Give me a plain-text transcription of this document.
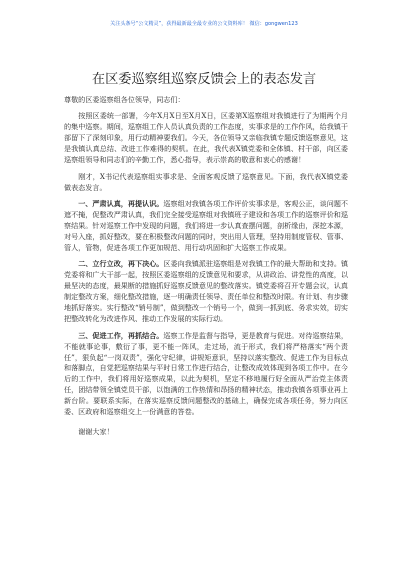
关注头条号“公文精灵”，获得最新最全最专业的公文资料库！ 微信：gongwen123
在区委巡察组巡察反馈会上的表态发言

尊敬的区委巡察组各位领导，同志们：

按照区委统一部署，今年X月X日至X月X日，区委第X巡察组对我镇进行了为期两个月的集中巡察。期间，巡察组工作人员认真负责的工作态度，实事求是的工作作风，给我镇干部留下了深刻印象，用行动精神要我们。今天，各位领导又亲临我镇专题反馈巡察意见，这是我镇认真总结、改进工作难得的契机。在此，我代表X镇党委和全体镇、村干部，向区委巡察组领导和同志们的辛勤工作，悉心指导，表示崇高的敬意和衷心的感谢！

刚才，X书记代表巡察组实事求是、全面客观反馈了巡察意见。下面，我代表X镇党委做表态发言。

一、严肃认真，再提认识。巡察组对我镇各项工作评价实事求是，客观公正，谈问题不遮不掩，促整改严肃认真，我们完全接受巡察组对我镇班子建设和各项工作的巡察评价和巡察结果。针对巡察工作中发现的问题，我们将进一步认真查摆问题，剖析缘由，深挖本源，对号入座，抓好整改，要在积极整改问题的同时，突出用人管理，坚持用制度管权、管事、管人，管物，促进各项工作更加规范、用行动巩固和扩大巡察工作成果。

二、立行立改，再下决心。区委向我镇派驻巡察组是对我镇工作的最大帮助和支持。镇党委将和广大干部一起，按照区委巡察组的反馈意见和要求，从讲政治、讲党性的高度，以最坚决的态度，最果断的措施抓好巡察反馈意见的整改落实。镇党委将召开专题会议，认真制定整改方案，细化整改措施，逐一明确责任领导、责任单位和整改时限。有计划、有步骤地抓好落实。实行整改“销号制”，做到整改一个销号一个，做到一抓到底、务求实效，切实把整改转化为改进作风、推动工作发展的实际行动。

三、促进工作，再抓结合。巡察工作是监督与指导，更是教育与促进。对待巡察结果，不能就事论事，敷衍了事，更不能一阵风，走过场，流于形式，我们将严格落实“两个责任”，狠负起“一岗双责”，强化守纪律，讲规矩意识，坚持以落实整改、促进工作为目标点和落脚点，自觉把巡察结果与平时日常工作进行结合，让整改成效体现到各项工作中。在今后的工作中，我们将用好巡察成果，以此为契机，坚定不移地履行好全面从严治党主体责任，团结带领全镇党员干部，以饱满的工作热情和昂扬的精神状态，推动我镇各项事业再上新台阶。要联系实际，在落实巡察反馈问题整改的基础上，确保完成各项任务，努力向区委、区政府和巡察组交上一份满意的答卷。

谢谢大家！
